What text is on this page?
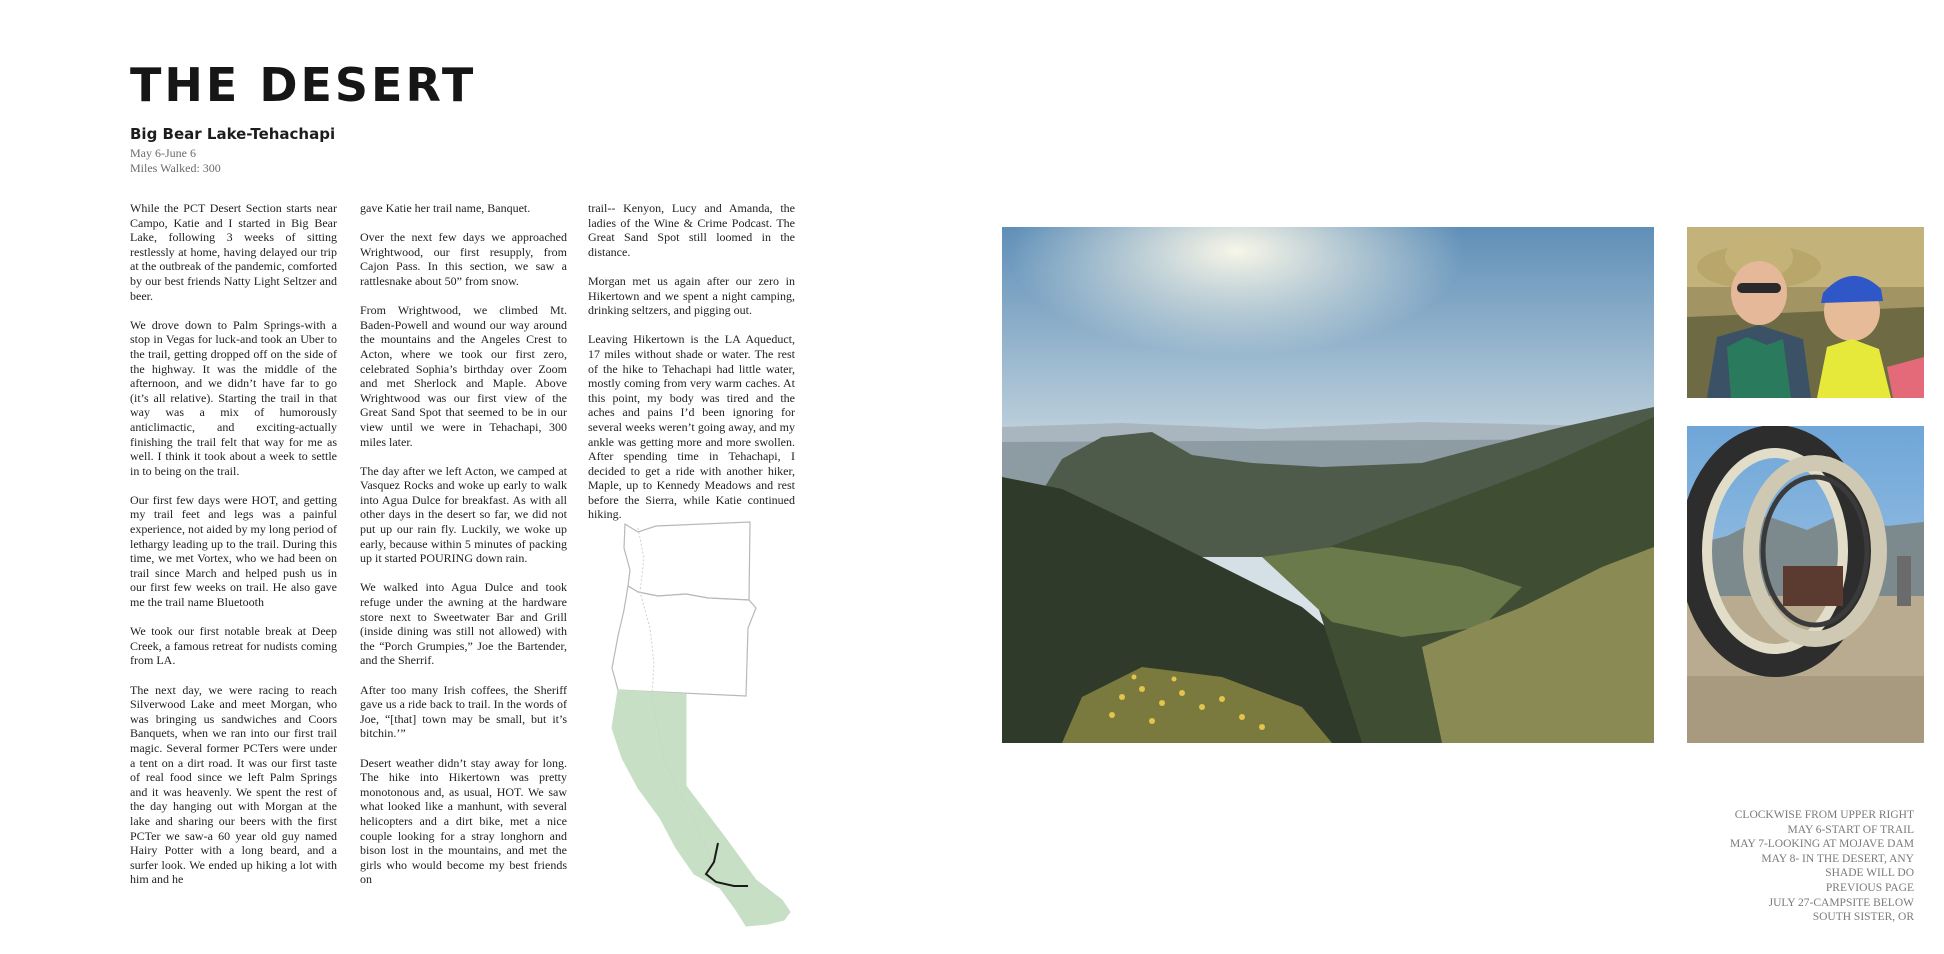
THE DESERT
Big Bear Lake-Tehachapi

May 6-June 6

Miles Walked: 300

While the PCT Desert Section starts near Campo, Katie and I started in Big Bear Lake, following 3 weeks of sitting restlessly at home, having delayed our trip at the outbreak of the pandemic, comforted by our best friends Natty Light Seltzer and beer.

We drove down to Palm Springs-with a stop in Vegas for luck-and took an Uber to the trail, getting dropped off on the side of the highway. It was the middle of the afternoon, and we didn’t have far to go (it’s all relative). Starting the trail in that way was a mix of humorously anticlimactic, and exciting-actually finishing the trail felt that way for me as well. I think it took about a week to settle in to being on the trail.

Our first few days were HOT, and getting my trail feet and legs was a painful experience, not aided by my long period of lethargy leading up to the trail. During this time, we met Vortex, who we had been on trail since March and helped push us in our first few weeks on trail. He also gave me the trail name Bluetooth

We took our first notable break at Deep Creek, a famous retreat for nudists coming from LA.

The next day, we were racing to reach Silverwood Lake and meet Morgan, who was bringing us sandwiches and Coors Banquets, when we ran into our first trail magic. Several former PCTers were under a tent on a dirt road. It was our first taste of real food since we left Palm Springs and it was heavenly. We spent the rest of the day hanging out with Morgan at the lake and sharing our beers with the first PCTer we saw-a 60 year old guy named Hairy Potter with a long beard, and a surfer look. We ended up hiking a lot with him and he

gave Katie her trail name, Banquet.

Over the next few days we approached Wrightwood, our first resupply, from Cajon Pass. In this section, we saw a rattlesnake about 50” from snow.

From Wrightwood, we climbed Mt. Baden-Powell and wound our way around the mountains and the Angeles Crest to Acton, where we took our first zero, celebrated Sophia’s birthday over Zoom and met Sherlock and Maple. Above Wrightwood was our first view of the Great Sand Spot that seemed to be in our view until we were in Tehachapi, 300 miles later.

The day after we left Acton, we camped at Vasquez Rocks and woke up early to walk into Agua Dulce for breakfast. As with all other days in the desert so far, we did not put up our rain fly. Luckily, we woke up early, because within 5 minutes of packing up it started POURING down rain.

We walked into Agua Dulce and took refuge under the awning at the hardware store next to Sweetwater Bar and Grill (inside dining was still not allowed) with the “Porch Grumpies,” Joe the Bartender, and the Sherrif.

After too many Irish coffees, the Sheriff gave us a ride back to trail. In the words of Joe, “[that] town may be small, but it’s bitchin.’”

Desert weather didn’t stay away for long. The hike into Hikertown was pretty monotonous and, as usual, HOT. We saw what looked like a manhunt, with several helicopters and a dirt bike, met a nice couple looking for a stray longhorn and bison lost in the mountains, and met the girls who would become my best friends on

trail-- Kenyon, Lucy and Amanda, the ladies of the Wine & Crime Podcast. The Great Sand Spot still loomed in the distance.

Morgan met us again after our zero in Hikertown and we spent a night camping, drinking seltzers, and pigging out.

Leaving Hikertown is the LA Aqueduct, 17 miles without shade or water. The rest of the hike to Tehachapi had little water, mostly coming from very warm caches. At this point, my body was tired and the aches and pains I’d been ignoring for several weeks weren’t going away, and my ankle was getting more and more swollen. After spending time in Tehachapi, I decided to get a ride with another hiker, Maple, up to Kennedy Meadows and rest before the Sierra, while Katie continued hiking.

CLOCKWISE FROM UPPER RIGHT
MAY 6-START OF TRAIL
MAY 7-LOOKING AT MOJAVE DAM
MAY 8- IN THE DESERT, ANY
SHADE WILL DO
PREVIOUS PAGE
JULY 27-CAMPSITE BELOW
SOUTH SISTER, OR
